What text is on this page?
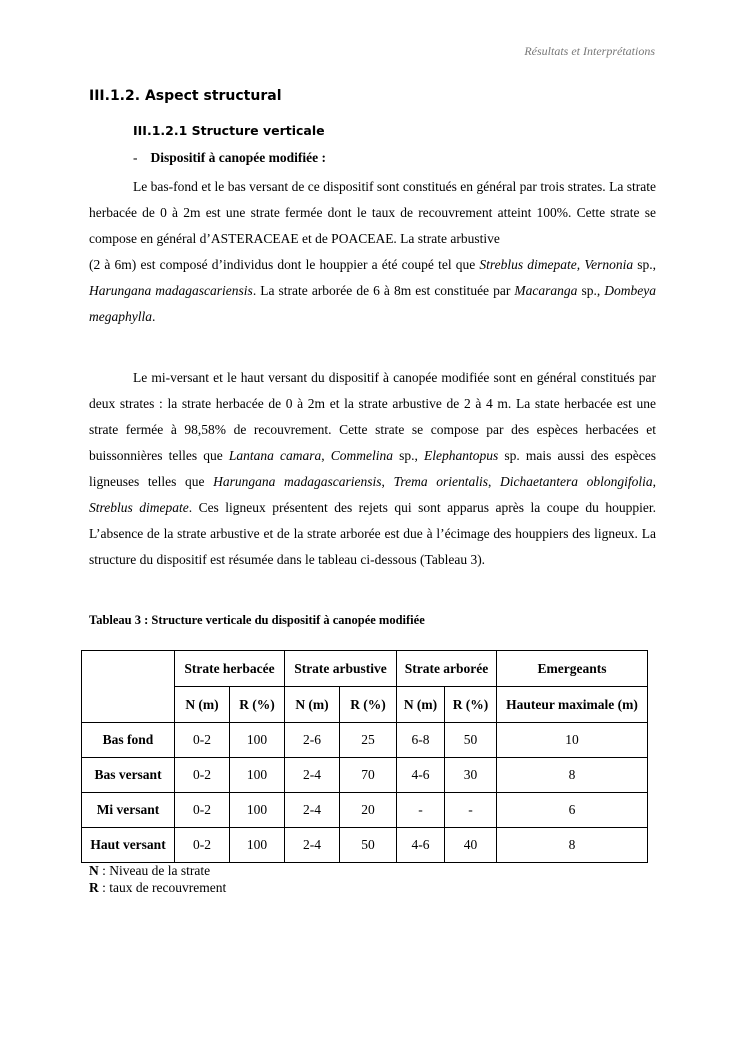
Résultats et Interprétations
III.1.2. Aspect structural
III.1.2.1 Structure verticale
- Dispositif à canopée modifiée :

Le bas-fond et le bas versant de ce dispositif sont constitués en général par trois strates. La strate herbacée de 0 à 2m est une strate fermée dont le taux de recouvrement atteint 100%. Cette strate se compose en général d’ASTERACEAE et de POACEAE. La strate arbustive
(2 à 6m) est composé d’individus dont le houppier a été coupé tel que Streblus dimepate, Vernonia sp., Harungana madagascariensis. La strate arborée de 6 à 8m est constituée par Macaranga sp., Dombeya megaphylla.

Le mi-versant et le haut versant du dispositif à canopée modifiée sont en général constitués par deux strates : la strate herbacée de 0 à 2m et la strate arbustive de 2 à 4 m. La state herbacée est une strate fermée à 98,58% de recouvrement. Cette strate se compose par des espèces herbacées et buissonnières telles que Lantana camara, Commelina sp., Elephantopus sp. mais aussi des espèces ligneuses telles que Harungana madagascariensis, Trema orientalis, Dichaetantera oblongifolia, Streblus dimepate. Ces ligneux présentent des rejets qui sont apparus après la coupe du houppier. L’absence de la strate arbustive et de la strate arborée est due à l’écimage des houppiers des ligneux. La structure du dispositif est résumée dans le tableau ci-dessous (Tableau 3).

Tableau 3 : Structure verticale du dispositif à canopée modifiée
	Strate herbacée		Strate arbustive		Strate arborée		Emergeants
	N (m)	R (%)	N (m)	R (%)	N (m)	R (%)	Hauteur maximale (m)
Bas fond	0-2	100	2-6	25	6-8	50	10
Bas versant	0-2	100	2-4	70	4-6	30	8
Mi versant	0-2	100	2-4	20	-	-	6
Haut versant	0-2	100	2-4	50	4-6	40	8
N : Niveau de la strate
R : taux de recouvrement
